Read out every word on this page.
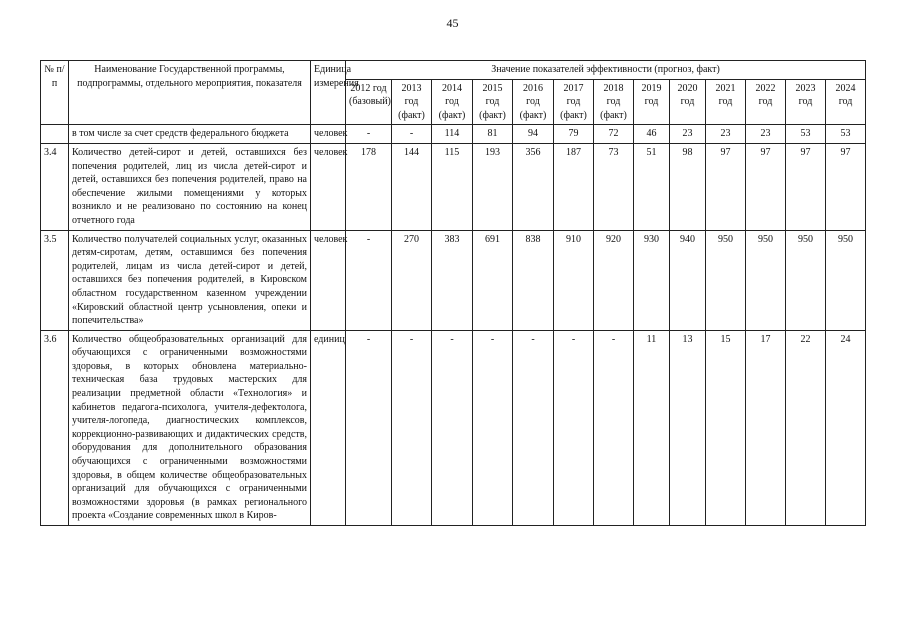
45
№ п/п	Наименование Государственной программы, подпрограммы, отдельного мероприятия, показателя	Единица измерения	Значение показателей эффективности (прогноз, факт)												
			2012 год (базовый)	2013 год (факт)	2014 год (факт)	2015 год (факт)	2016 год (факт)	2017 год (факт)	2018 год (факт)	2019 год	2020 год	2021 год	2022 год	2023 год	2024 год
	в том числе за счет средств федерального бюджета	человек	-	-	114	81	94	79	72	46	23	23	23	53	53
3.4	Количество детей-сирот и детей, оставшихся без попечения родителей, лиц из числа детей-сирот и детей, оставшихся без попечения родителей, право на обеспечение жилыми помещениями у которых возникло и не реализовано по состоянию на конец отчетного года	человек	178	144	115	193	356	187	73	51	98	97	97	97	97
3.5	Количество получателей социальных услуг, оказанных детям-сиротам, детям, оставшимся без попечения родителей, лицам из числа детей-сирот и детей, оставшихся без попечения родителей, в Кировском областном государственном казенном учреждении «Кировский областной центр усыновления, опеки и попечительства»	человек	-	270	383	691	838	910	920	930	940	950	950	950	950
3.6	Количество общеобразовательных организаций для обучающихся с ограниченными возможностями здоровья, в которых обновлена материально-техническая база трудовых мастерских для реализации предметной области «Технология» и кабинетов педагога-психолога, учителя-дефектолога, учителя-логопеда, диагностических комплексов, коррекционно-развивающих и дидактических средств, оборудования для дополнительного образования обучающихся с ограниченными возможностями здоровья, в общем количестве общеобразовательных организаций для обучающихся с ограниченными возможностями здоровья (в рамках регионального проекта «Создание современных школ в Киров-	единиц	-	-	-	-	-	-	-	11	13	15	17	22	24
